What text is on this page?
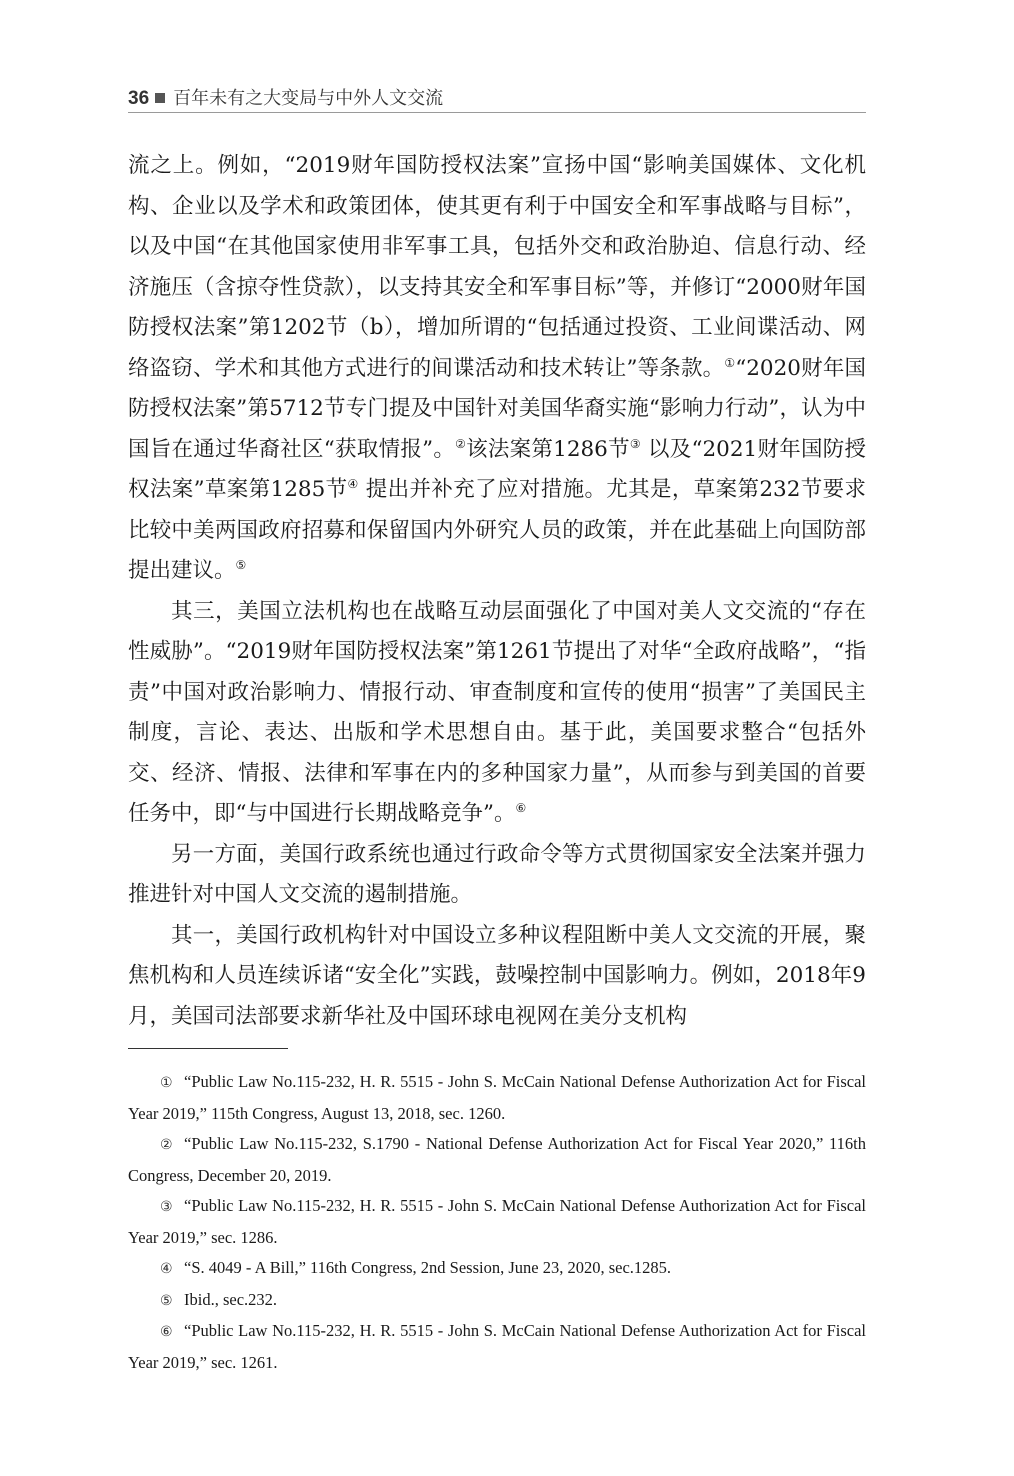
36 百年未有之大变局与中外人文交流

流之上。例如，“2019财年国防授权法案”宣扬中国“影响美国媒体、文化机构、企业以及学术和政策团体，使其更有利于中国安全和军事战略与目标”，以及中国“在其他国家使用非军事工具，包括外交和政治胁迫、信息行动、经济施压（含掠夺性贷款），以支持其安全和军事目标”等，并修订“2000财年国防授权法案”第1202节（b），增加所谓的“包括通过投资、工业间谍活动、网络盗窃、学术和其他方式进行的间谍活动和技术转让”等条款。①“2020财年国防授权法案”第5712节专门提及中国针对美国华裔实施“影响力行动”，认为中国旨在通过华裔社区“获取情报”。②该法案第1286节③ 以及“2021财年国防授权法案”草案第1285节④ 提出并补充了应对措施。尤其是，草案第232节要求比较中美两国政府招募和保留国内外研究人员的政策，并在此基础上向国防部提出建议。⑤

其三，美国立法机构也在战略互动层面强化了中国对美人文交流的“存在性威胁”。“2019财年国防授权法案”第1261节提出了对华“全政府战略”，“指责”中国对政治影响力、情报行动、审查制度和宣传的使用“损害”了美国民主制度，言论、表达、出版和学术思想自由。基于此，美国要求整合“包括外交、经济、情报、法律和军事在内的多种国家力量”，从而参与到美国的首要任务中，即“与中国进行长期战略竞争”。⑥

另一方面，美国行政系统也通过行政命令等方式贯彻国家安全法案并强力推进针对中国人文交流的遏制措施。

其一，美国行政机构针对中国设立多种议程阻断中美人文交流的开展，聚焦机构和人员连续诉诸“安全化”实践，鼓噪控制中国影响力。例如，2018年9月，美国司法部要求新华社及中国环球电视网在美分支机构

① “Public Law No.115-232, H. R. 5515 - John S. McCain National Defense Authorization Act for Fiscal Year 2019,” 115th Congress, August 13, 2018, sec. 1260.

② “Public Law No.115-232, S.1790 - National Defense Authorization Act for Fiscal Year 2020,” 116th Congress, December 20, 2019.

③ “Public Law No.115-232, H. R. 5515 - John S. McCain National Defense Authorization Act for Fiscal Year 2019,” sec. 1286.

④ “S. 4049 - A Bill,” 116th Congress, 2nd Session, June 23, 2020, sec.1285.

⑤ Ibid., sec.232.

⑥ “Public Law No.115-232, H. R. 5515 - John S. McCain National Defense Authorization Act for Fiscal Year 2019,” sec. 1261.
